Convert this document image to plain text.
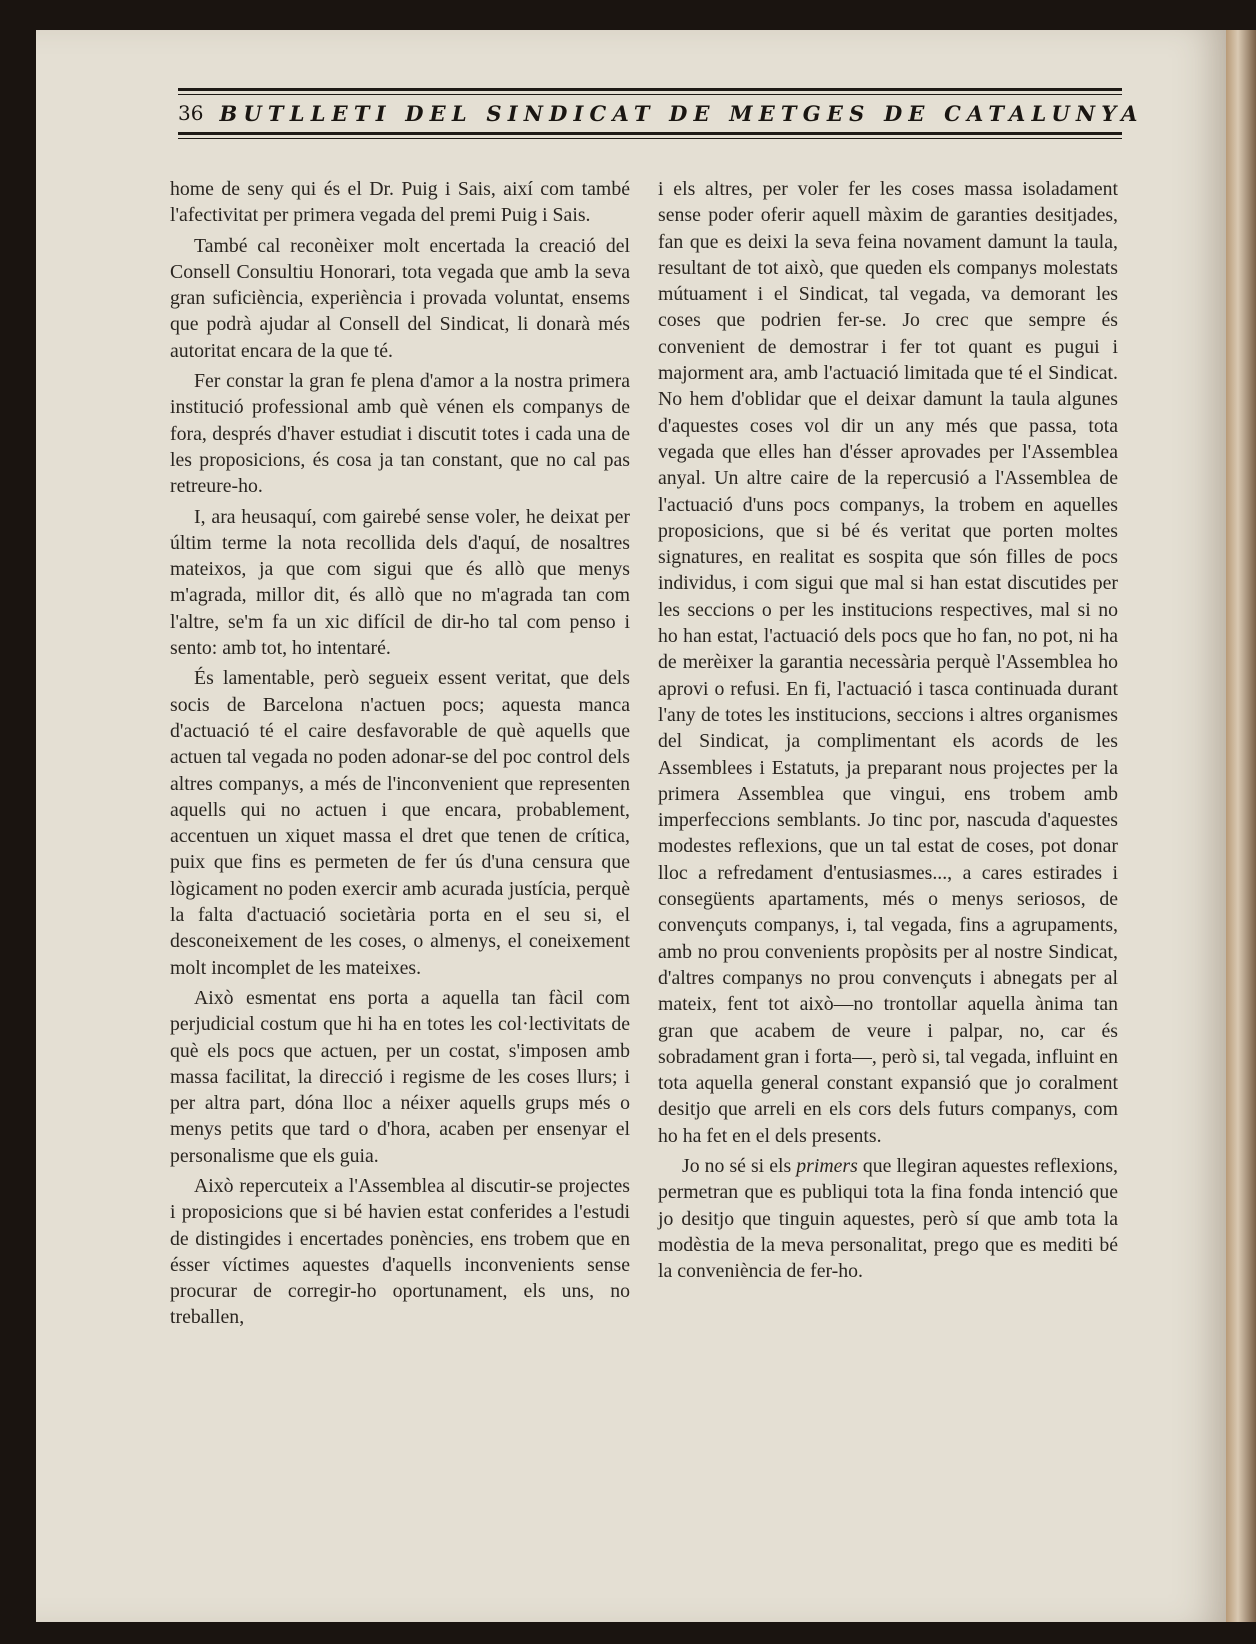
36 BUTLLETI DEL SINDICAT DE METGES DE CATALUNYA

home de seny qui és el Dr. Puig i Sais, així com també l'afectivitat per primera vegada del premi Puig i Sais.

També cal reconèixer molt encertada la creació del Consell Consultiu Honorari, tota vegada que amb la seva gran suficiència, experiència i provada voluntat, ensems que podrà ajudar al Consell del Sindicat, li donarà més autoritat encara de la que té.

Fer constar la gran fe plena d'amor a la nostra primera institució professional amb què vénen els companys de fora, després d'haver estudiat i discutit totes i cada una de les proposicions, és cosa ja tan constant, que no cal pas retreure-ho.

I, ara heusaquí, com gairebé sense voler, he deixat per últim terme la nota recollida dels d'aquí, de nosaltres mateixos, ja que com sigui que és allò que menys m'agrada, millor dit, és allò que no m'agrada tan com l'altre, se'm fa un xic difícil de dir-ho tal com penso i sento: amb tot, ho intentaré.

És lamentable, però segueix essent veritat, que dels socis de Barcelona n'actuen pocs; aquesta manca d'actuació té el caire desfavorable de què aquells que actuen tal vegada no poden adonar-se del poc control dels altres companys, a més de l'inconvenient que representen aquells qui no actuen i que encara, probablement, accentuen un xiquet massa el dret que tenen de crítica, puix que fins es permeten de fer ús d'una censura que lògicament no poden exercir amb acurada justícia, perquè la falta d'actuació societària porta en el seu si, el desconeixement de les coses, o almenys, el coneixement molt incomplet de les mateixes.

Això esmentat ens porta a aquella tan fàcil com perjudicial costum que hi ha en totes les col·lectivitats de què els pocs que actuen, per un costat, s'imposen amb massa facilitat, la direcció i regisme de les coses llurs; i per altra part, dóna lloc a néixer aquells grups més o menys petits que tard o d'hora, acaben per ensenyar el personalisme que els guia.

Això repercuteix a l'Assemblea al discutir-se projectes i proposicions que si bé havien estat conferides a l'estudi de distingides i encertades ponències, ens trobem que en ésser víctimes aquestes d'aquells inconvenients sense procurar de corregir-ho oportunament, els uns, no treballen,

i els altres, per voler fer les coses massa isoladament sense poder oferir aquell màxim de garanties desitjades, fan que es deixi la seva feina novament damunt la taula, resultant de tot això, que queden els companys molestats mútuament i el Sindicat, tal vegada, va demorant les coses que podrien fer-se. Jo crec que sempre és convenient de demostrar i fer tot quant es pugui i majorment ara, amb l'actuació limitada que té el Sindicat. No hem d'oblidar que el deixar damunt la taula algunes d'aquestes coses vol dir un any més que passa, tota vegada que elles han d'ésser aprovades per l'Assemblea anyal. Un altre caire de la repercusió a l'Assemblea de l'actuació d'uns pocs companys, la trobem en aquelles proposicions, que si bé és veritat que porten moltes signatures, en realitat es sospita que són filles de pocs individus, i com sigui que mal si han estat discutides per les seccions o per les institucions respectives, mal si no ho han estat, l'actuació dels pocs que ho fan, no pot, ni ha de merèixer la garantia necessària perquè l'Assemblea ho aprovi o refusi. En fi, l'actuació i tasca continuada durant l'any de totes les institucions, seccions i altres organismes del Sindicat, ja complimentant els acords de les Assemblees i Estatuts, ja preparant nous projectes per la primera Assemblea que vingui, ens trobem amb imperfeccions semblants. Jo tinc por, nascuda d'aquestes modestes reflexions, que un tal estat de coses, pot donar lloc a refredament d'entusiasmes..., a cares estirades i consegüents apartaments, més o menys seriosos, de convençuts companys, i, tal vegada, fins a agrupaments, amb no prou convenients propòsits per al nostre Sindicat, d'altres companys no prou convençuts i abnegats per al mateix, fent tot això—no trontollar aquella ànima tan gran que acabem de veure i palpar, no, car és sobradament gran i forta—, però si, tal vegada, influint en tota aquella general constant expansió que jo coralment desitjo que arreli en els cors dels futurs companys, com ho ha fet en el dels presents.

Jo no sé si els primers que llegiran aquestes reflexions, permetran que es publiqui tota la fina fonda intenció que jo desitjo que tinguin aquestes, però sí que amb tota la modèstia de la meva personalitat, prego que es mediti bé la conveniència de fer-ho.
